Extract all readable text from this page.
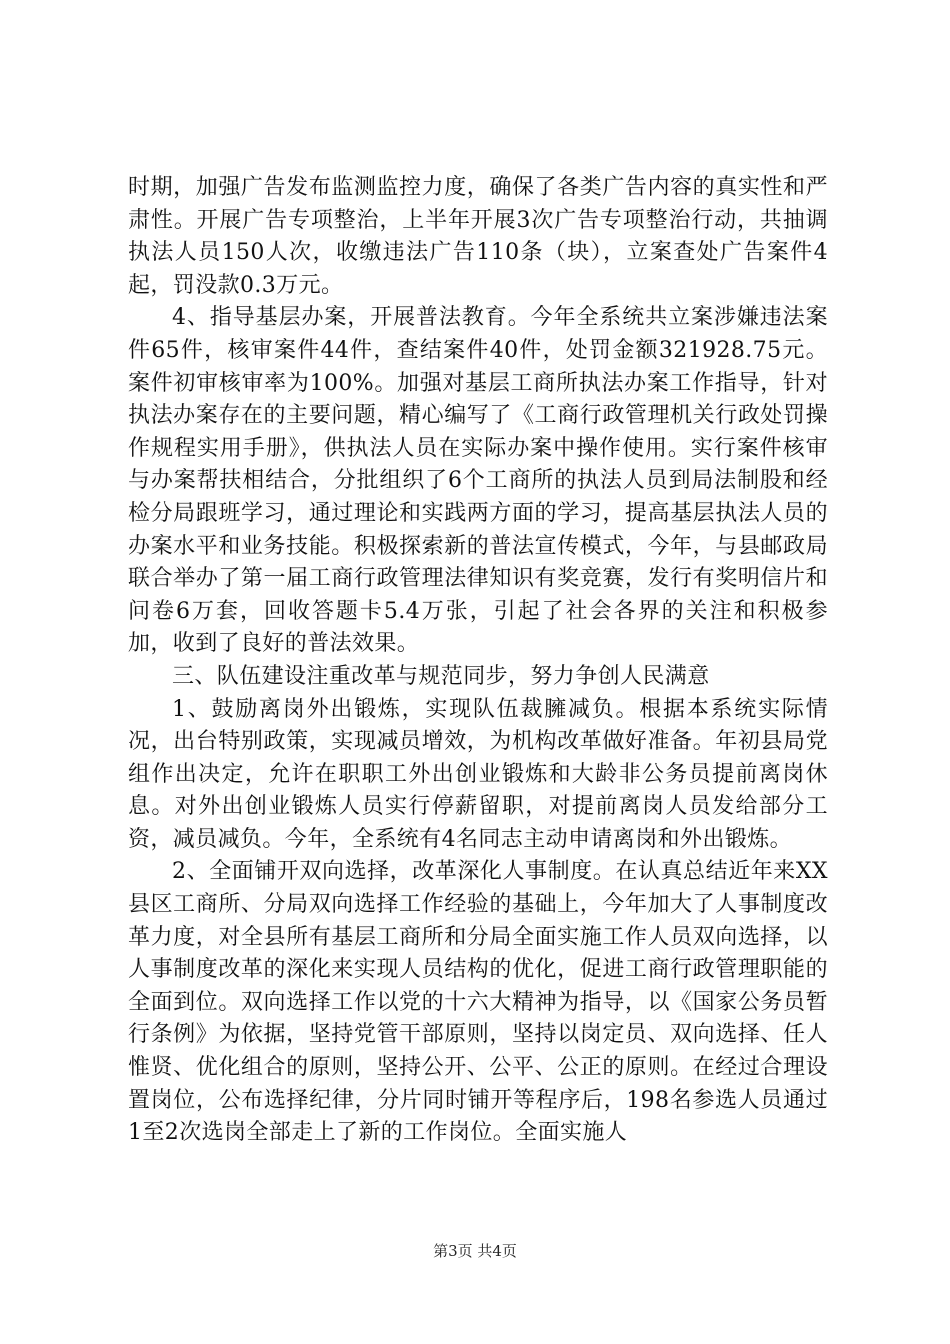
时期，加强广告发布监测监控力度，确保了各类广告内容的真实性和严肃性。开展广告专项整治，上半年开展3次广告专项整治行动，共抽调执法人员150人次，收缴违法广告110条（块），立案查处广告案件4起，罚没款0.3万元。

4、指导基层办案，开展普法教育。今年全系统共立案涉嫌违法案件65件，核审案件44件，查结案件40件，处罚金额321928.75元。案件初审核审率为100%。加强对基层工商所执法办案工作指导，针对执法办案存在的主要问题，精心编写了《工商行政管理机关行政处罚操作规程实用手册》，供执法人员在实际办案中操作使用。实行案件核审与办案帮扶相结合，分批组织了6个工商所的执法人员到局法制股和经检分局跟班学习，通过理论和实践两方面的学习，提高基层执法人员的办案水平和业务技能。积极探索新的普法宣传模式，今年，与县邮政局联合举办了第一届工商行政管理法律知识有奖竞赛，发行有奖明信片和问卷6万套，回收答题卡5.4万张，引起了社会各界的关注和积极参加，收到了良好的普法效果。

三、队伍建设注重改革与规范同步，努力争创人民满意

1、鼓励离岗外出锻炼，实现队伍裁臃减负。根据本系统实际情况，出台特别政策，实现减员增效，为机构改革做好准备。年初县局党组作出决定，允许在职职工外出创业锻炼和大龄非公务员提前离岗休息。对外出创业锻炼人员实行停薪留职，对提前离岗人员发给部分工资，减员减负。今年，全系统有4名同志主动申请离岗和外出锻炼。

2、全面铺开双向选择，改革深化人事制度。在认真总结近年来XX县区工商所、分局双向选择工作经验的基础上，今年加大了人事制度改革力度，对全县所有基层工商所和分局全面实施工作人员双向选择，以人事制度改革的深化来实现人员结构的优化，促进工商行政管理职能的全面到位。双向选择工作以党的十六大精神为指导，以《国家公务员暂行条例》为依据，坚持党管干部原则，坚持以岗定员、双向选择、任人惟贤、优化组合的原则，坚持公开、公平、公正的原则。在经过合理设置岗位，公布选择纪律，分片同时铺开等程序后，198名参选人员通过1至2次选岗全部走上了新的工作岗位。全面实施人

第3页 共4页
